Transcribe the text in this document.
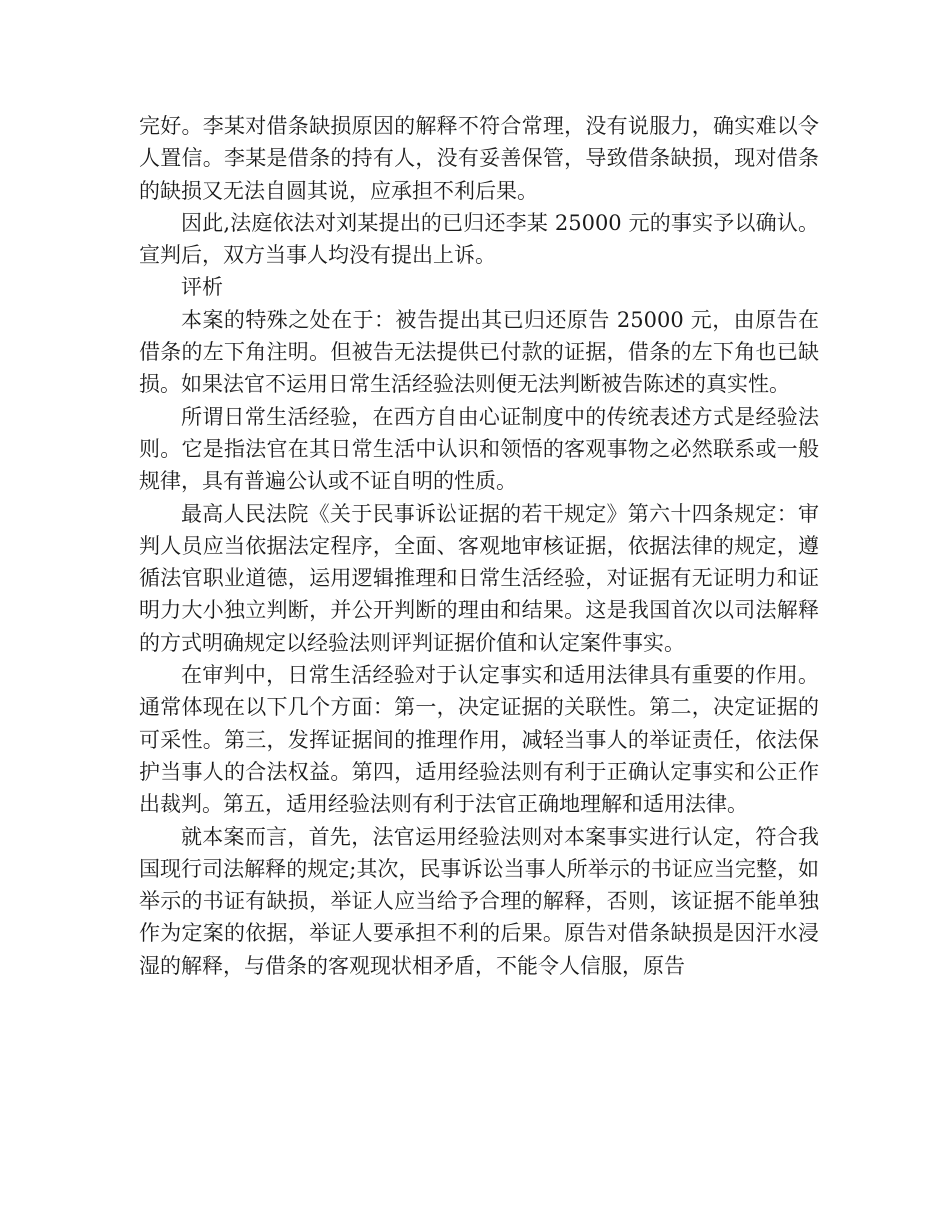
完好。李某对借条缺损原因的解释不符合常理，没有说服力，确实难以令人置信。李某是借条的持有人，没有妥善保管，导致借条缺损，现对借条的缺损又无法自圆其说，应承担不利后果。

因此,法庭依法对刘某提出的已归还李某 25000 元的事实予以确认。宣判后，双方当事人均没有提出上诉。

评析

本案的特殊之处在于：被告提出其已归还原告 25000 元，由原告在借条的左下角注明。但被告无法提供已付款的证据，借条的左下角也已缺损。如果法官不运用日常生活经验法则便无法判断被告陈述的真实性。

所谓日常生活经验，在西方自由心证制度中的传统表述方式是经验法则。它是指法官在其日常生活中认识和领悟的客观事物之必然联系或一般规律，具有普遍公认或不证自明的性质。

最高人民法院《关于民事诉讼证据的若干规定》第六十四条规定：审判人员应当依据法定程序，全面、客观地审核证据，依据法律的规定，遵循法官职业道德，运用逻辑推理和日常生活经验，对证据有无证明力和证明力大小独立判断，并公开判断的理由和结果。这是我国首次以司法解释的方式明确规定以经验法则评判证据价值和认定案件事实。

在审判中，日常生活经验对于认定事实和适用法律具有重要的作用。通常体现在以下几个方面：第一，决定证据的关联性。第二，决定证据的可采性。第三，发挥证据间的推理作用，减轻当事人的举证责任，依法保护当事人的合法权益。第四，适用经验法则有利于正确认定事实和公正作出裁判。第五，适用经验法则有利于法官正确地理解和适用法律。

就本案而言，首先，法官运用经验法则对本案事实进行认定，符合我国现行司法解释的规定;其次，民事诉讼当事人所举示的书证应当完整，如举示的书证有缺损，举证人应当给予合理的解释，否则，该证据不能单独作为定案的依据，举证人要承担不利的后果。原告对借条缺损是因汗水浸湿的解释，与借条的客观现状相矛盾，不能令人信服，原告
